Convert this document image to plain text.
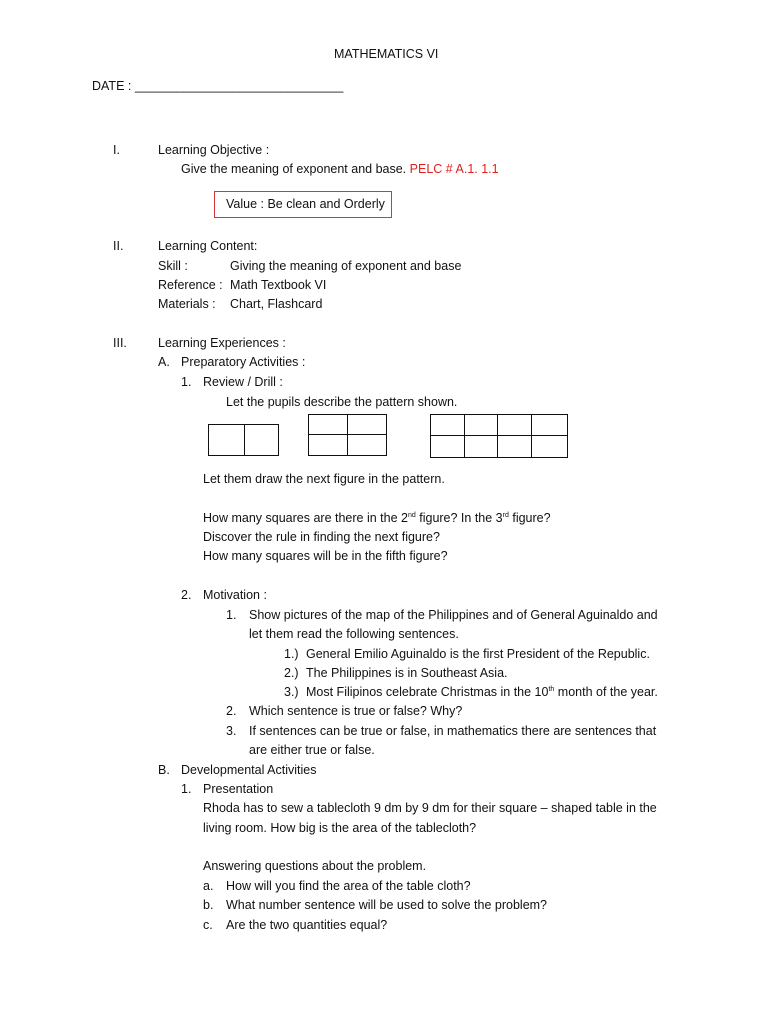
MATHEMATICS VI
DATE : ______________________________
I.	Learning Objective :
Give the meaning of exponent and base. PELC # A.1. 1.1
Value : Be clean and Orderly
II.	Learning Content:
Skill :	Giving the meaning of exponent and base
Reference : Math Textbook VI
Materials : Chart, Flashcard
III. Learning Experiences :
A. Preparatory Activities :
1. Review / Drill :
Let the pupils describe the pattern shown.

Let them draw the next figure in the pattern.
How many squares are there in the 2nd figure? In the 3rd figure?
Discover the rule in finding the next figure?
How many squares will be in the fifth figure?
2. Motivation :
1. Show pictures of the map of the Philippines and of General Aguinaldo and
let them read the following sentences.
1.) General Emilio Aguinaldo is the first President of the Republic.
2.) The Philippines is in Southeast Asia.
3.) Most Filipinos celebrate Christmas in the 10th month of the year.
2. Which sentence is true or false? Why?
3. If sentences can be true or false, in mathematics there are sentences that
are either true or false.
B. Developmental Activities
1. Presentation
Rhoda has to sew a tablecloth 9 dm by 9 dm for their square – shaped table in the
living room. How big is the area of the tablecloth?
Answering questions about the problem.
a. How will you find the area of the table cloth?
b. What number sentence will be used to solve the problem?
c. Are the two quantities equal?
